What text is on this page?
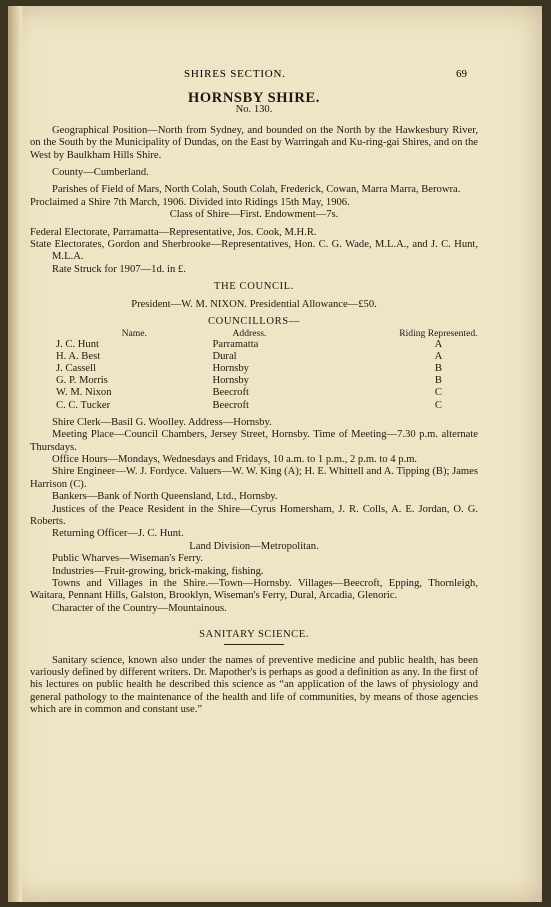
SHIRES SECTION.	69
HORNSBY SHIRE.
No. 130.

Geographical Position—North from Sydney, and bounded on the North by the Hawkesbury River, on the South by the Municipality of Dundas, on the East by Warringah and Ku-ring-gai Shires, and on the West by Baulkham Hills Shire.

County—Cumberland.

Parishes of Field of Mars, North Colah, South Colah, Frederick, Cowan, Marra Marra, Berowra.

Proclaimed a Shire 7th March, 1906. Divided into Ridings 15th May, 1906.

Class of Shire—First. Endowment—7s.

Federal Electorate, Parramatta—Representative, Jos. Cook, M.H.R.

State Electorates, Gordon and Sherbrooke—Representatives, Hon. C. G. Wade, M.L.A., and J. C. Hunt, M.L.A.

Rate Struck for 1907—1d. in £.

THE COUNCIL.

President—W. M. NIXON. Presidential Allowance—£50.

COUNCILLORS—

Name.	Address.	Riding Represented.
J. C. Hunt	Parramatta	A
H. A. Best	Dural	A
J. Cassell	Hornsby	B
G. P. Morris	Hornsby	B
W. M. Nixon	Beecroft	C
C. C. Tucker	Beecroft	C

Shire Clerk—Basil G. Woolley. Address—Hornsby.

Meeting Place—Council Chambers, Jersey Street, Hornsby. Time of Meeting—7.30 p.m. alternate Thursdays.

Office Hours—Mondays, Wednesdays and Fridays, 10 a.m. to 1 p.m., 2 p.m. to 4 p.m.

Shire Engineer—W. J. Fordyce. Valuers—W. W. King (A); H. E. Whittell and A. Tipping (B); James Harrison (C).

Bankers—Bank of North Queensland, Ltd., Hornsby.

Justices of the Peace Resident in the Shire—Cyrus Homersham, J. R. Colls, A. E. Jordan, O. G. Roberts.

Returning Officer—J. C. Hunt.

Land Division—Metropolitan.

Public Wharves—Wiseman's Ferry.

Industries—Fruit-growing, brick-making, fishing.

Towns and Villages in the Shire.—Town—Hornsby. Villages—Beecroft, Epping, Thornleigh, Waitara, Pennant Hills, Galston, Brooklyn, Wiseman's Ferry, Dural, Arcadia, Glenoric.

Character of the Country—Mountainous.

SANITARY SCIENCE.

Sanitary science, known also under the names of preventive medicine and public health, has been variously defined by different writers. Dr. Mapother's is perhaps as good a definition as any. In the first of his lectures on public health he described this science as “an application of the laws of physiology and general pathology to the maintenance of the health and life of communities, by means of those agencies which are in common and constant use.”
